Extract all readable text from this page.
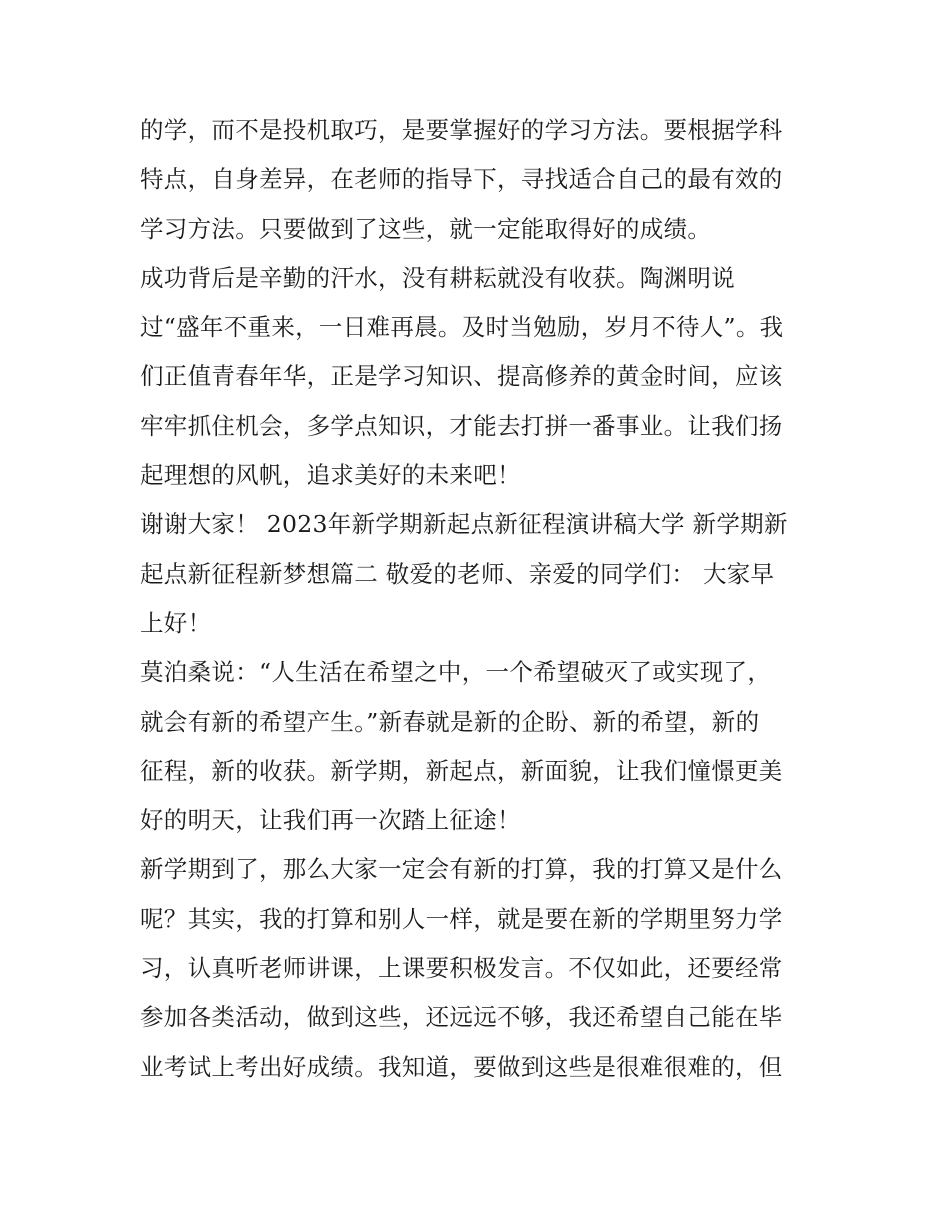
的学，而不是投机取巧，是要掌握好的学习方法。要根据学科
特点，自身差异，在老师的指导下，寻找适合自己的最有效的
学习方法。只要做到了这些，就一定能取得好的成绩。
成功背后是辛勤的汗水，没有耕耘就没有收获。陶渊明说
过“盛年不重来，一日难再晨。及时当勉励，岁月不待人”。我
们正值青春年华，正是学习知识、提高修养的黄金时间，应该
牢牢抓住机会，多学点知识，才能去打拼一番事业。让我们扬
起理想的风帆，追求美好的未来吧！
谢谢大家！ 2023年新学期新起点新征程演讲稿大学 新学期新
起点新征程新梦想篇二 敬爱的老师、亲爱的同学们： 大家早
上好！
莫泊桑说：“人生活在希望之中，一个希望破灭了或实现了，
就会有新的希望产生。”新春就是新的企盼、新的希望，新的
征程，新的收获。新学期，新起点，新面貌，让我们憧憬更美
好的明天，让我们再一次踏上征途！
新学期到了，那么大家一定会有新的打算，我的打算又是什么
呢？其实，我的打算和别人一样，就是要在新的学期里努力学
习，认真听老师讲课，上课要积极发言。不仅如此，还要经常
参加各类活动，做到这些，还远远不够，我还希望自己能在毕
业考试上考出好成绩。我知道，要做到这些是很难很难的，但
